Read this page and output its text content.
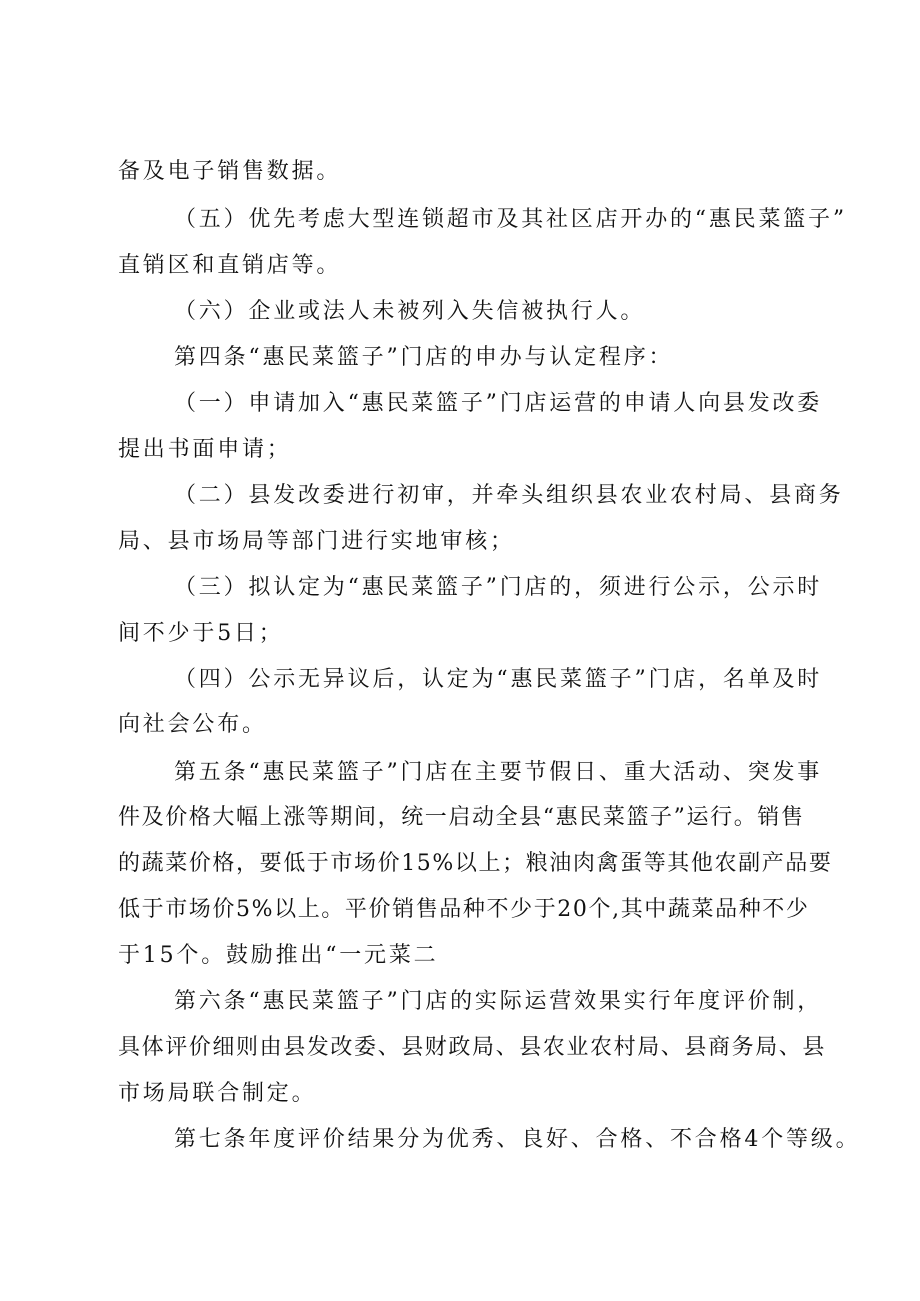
备及电子销售数据。
（五）优先考虑大型连锁超市及其社区店开办的“惠民菜篮子”
直销区和直销店等。
（六）企业或法人未被列入失信被执行人。
第四条“惠民菜篮子”门店的申办与认定程序：
（一）申请加入“惠民菜篮子”门店运营的申请人向县发改委
提出书面申请；
（二）县发改委进行初审，并牵头组织县农业农村局、县商务
局、县市场局等部门进行实地审核；
（三）拟认定为“惠民菜篮子”门店的，须进行公示，公示时
间不少于5日；
（四）公示无异议后，认定为“惠民菜篮子”门店，名单及时
向社会公布。
第五条“惠民菜篮子”门店在主要节假日、重大活动、突发事
件及价格大幅上涨等期间，统一启动全县“惠民菜篮子”运行。销售
的蔬菜价格，要低于市场价15%以上；粮油肉禽蛋等其他农副产品要
低于市场价5%以上。平价销售品种不少于20个,其中蔬菜品种不少
于15个。鼓励推出“一元菜二
第六条“惠民菜篮子”门店的实际运营效果实行年度评价制，
具体评价细则由县发改委、县财政局、县农业农村局、县商务局、县
市场局联合制定。
第七条年度评价结果分为优秀、良好、合格、不合格4个等级。
